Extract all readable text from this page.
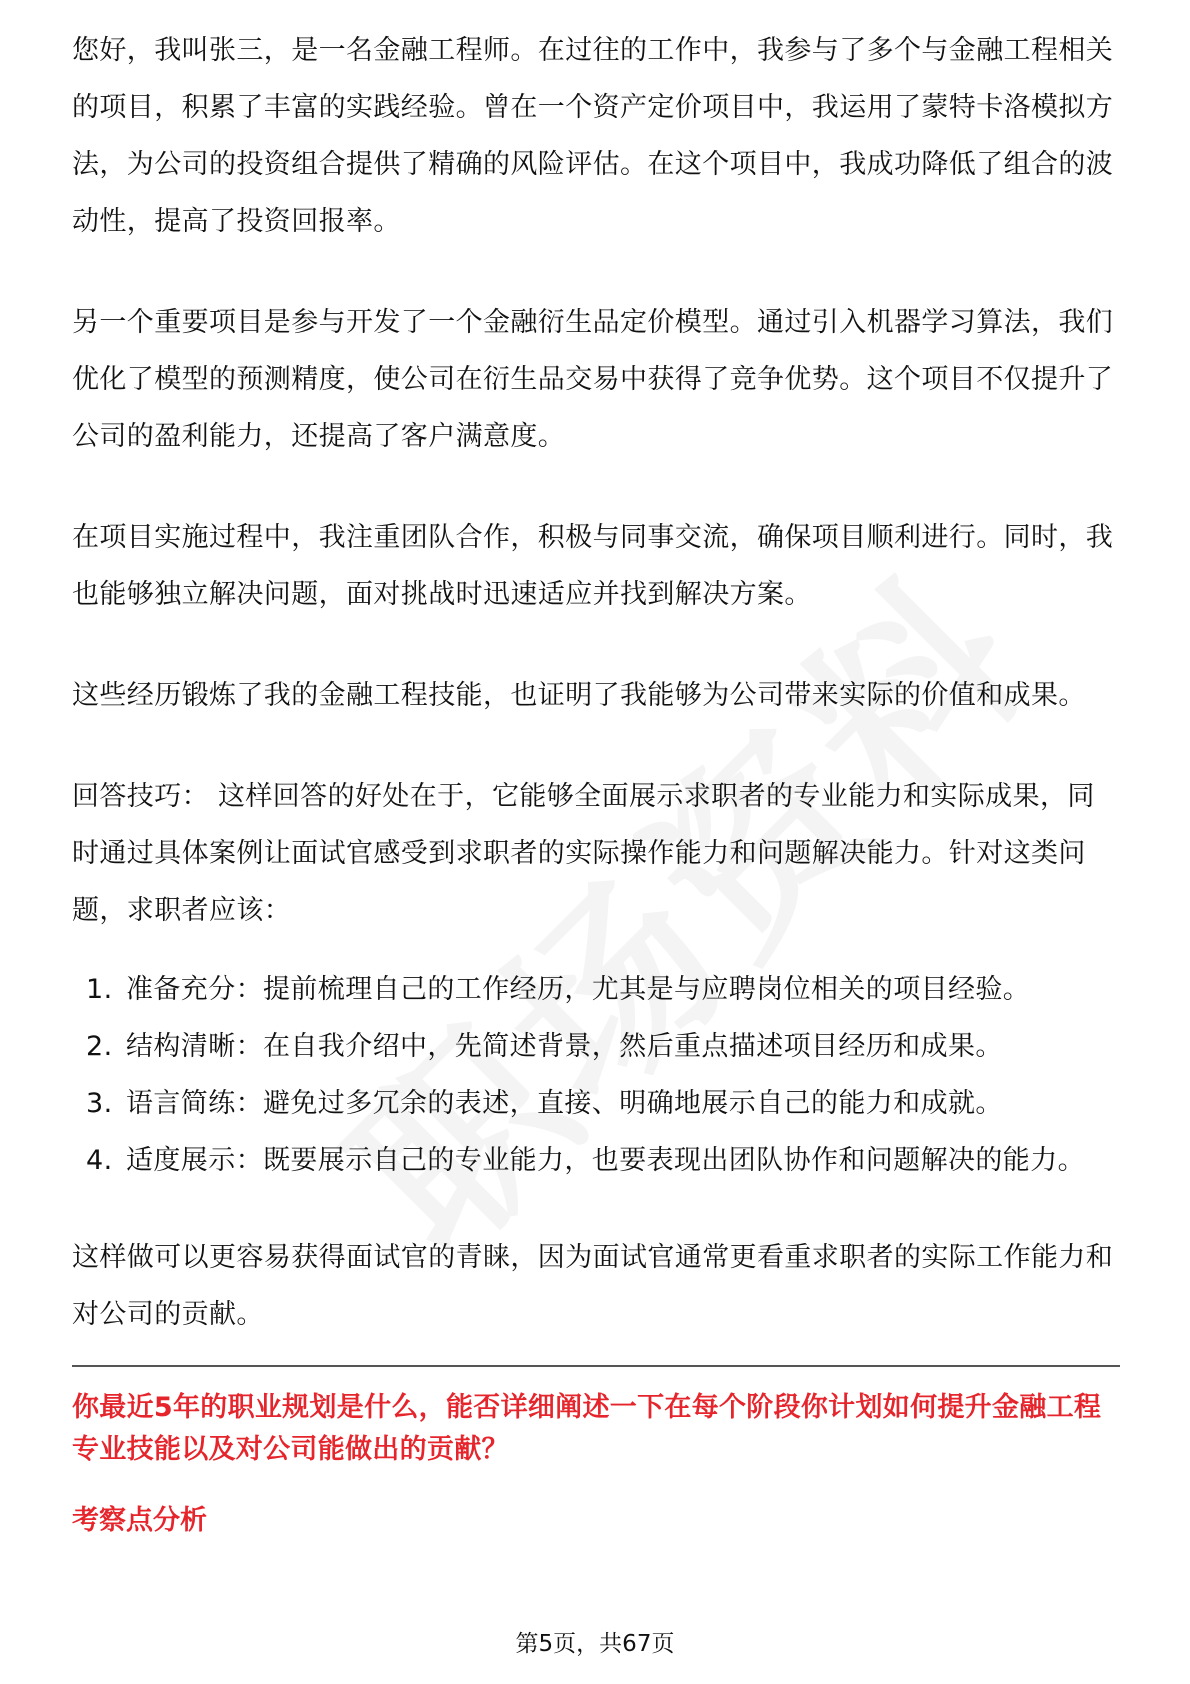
您好，我叫张三，是一名金融工程师。在过往的工作中，我参与了多个与金融工程相关的项目，积累了丰富的实践经验。曾在一个资产定价项目中，我运用了蒙特卡洛模拟方法，为公司的投资组合提供了精确的风险评估。在这个项目中，我成功降低了组合的波动性，提高了投资回报率。

另一个重要项目是参与开发了一个金融衍生品定价模型。通过引入机器学习算法，我们优化了模型的预测精度，使公司在衍生品交易中获得了竞争优势。这个项目不仅提升了公司的盈利能力，还提高了客户满意度。

在项目实施过程中，我注重团队合作，积极与同事交流，确保项目顺利进行。同时，我也能够独立解决问题，面对挑战时迅速适应并找到解决方案。

这些经历锻炼了我的金融工程技能，也证明了我能够为公司带来实际的价值和成果。

回答技巧： 这样回答的好处在于，它能够全面展示求职者的专业能力和实际成果，同时通过具体案例让面试官感受到求职者的实际操作能力和问题解决能力。针对这类问题，求职者应该：

1. 准备充分：提前梳理自己的工作经历，尤其是与应聘岗位相关的项目经验。
2. 结构清晰：在自我介绍中，先简述背景，然后重点描述项目经历和成果。
3. 语言简练：避免过多冗余的表述，直接、明确地展示自己的能力和成就。
4. 适度展示：既要展示自己的专业能力，也要表现出团队协作和问题解决的能力。

这样做可以更容易获得面试官的青睐，因为面试官通常更看重求职者的实际工作能力和对公司的贡献。

你最近5年的职业规划是什么，能否详细阐述一下在每个阶段你计划如何提升金融工程专业技能以及对公司能做出的贡献？

考察点分析

第5页，共67页
